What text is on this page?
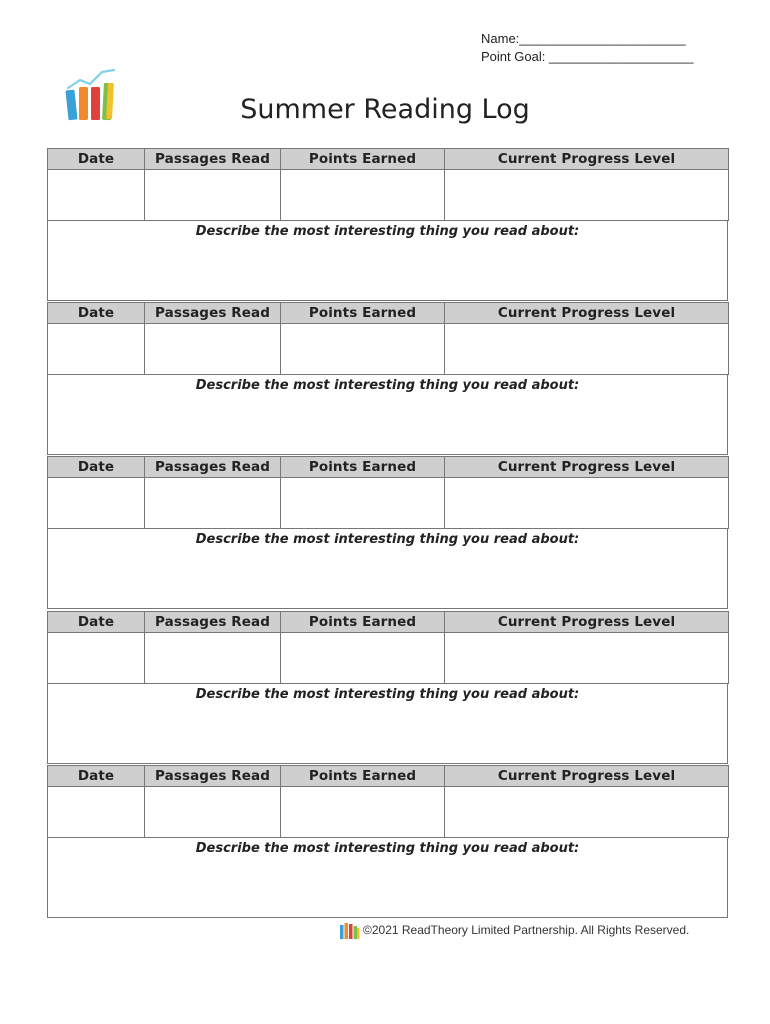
Name:_______________________
Point Goal: ____________________
Summer Reading Log
Date	Passages Read	Points Earned	Current Progress Level

Describe the most interesting thing you read about:
Date	Passages Read	Points Earned	Current Progress Level

Describe the most interesting thing you read about:
Date	Passages Read	Points Earned	Current Progress Level

Describe the most interesting thing you read about:
Date	Passages Read	Points Earned	Current Progress Level

Describe the most interesting thing you read about:
Date	Passages Read	Points Earned	Current Progress Level

Describe the most interesting thing you read about:
©2021 ReadTheory Limited Partnership. All Rights Reserved.
